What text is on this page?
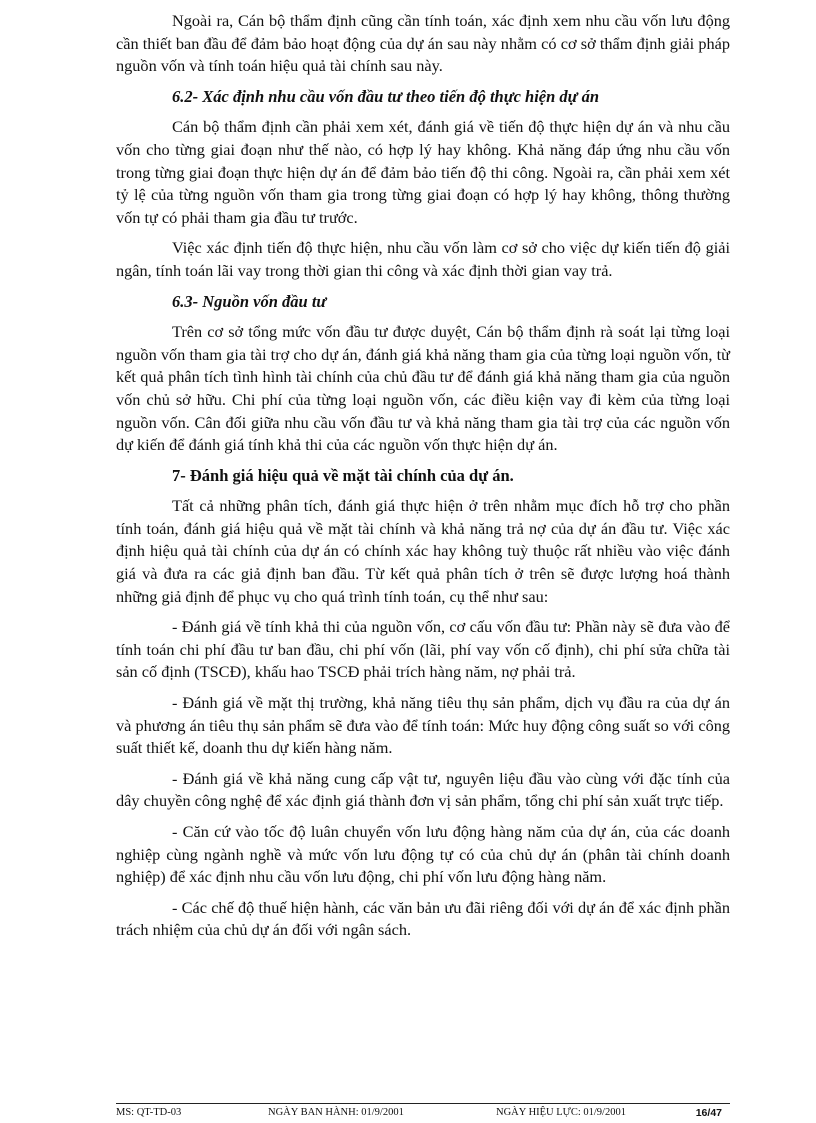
Ngoài ra, Cán bộ thẩm định cũng cần tính toán, xác định xem nhu cầu vốn lưu động cần thiết ban đầu để đảm bảo hoạt động của dự án sau này nhằm có cơ sở thẩm định giải pháp nguồn vốn và tính toán hiệu quả tài chính sau này.

6.2- Xác định nhu cầu vốn đầu tư theo tiến độ thực hiện dự án

Cán bộ thẩm định cần phải xem xét, đánh giá về tiến độ thực hiện dự án và nhu cầu vốn cho từng giai đoạn như thế nào, có hợp lý hay không. Khả năng đáp ứng nhu cầu vốn trong từng giai đoạn thực hiện dự án để đảm bảo tiến độ thi công. Ngoài ra, cần phải xem xét tỷ lệ của từng nguồn vốn tham gia trong từng giai đoạn có hợp lý hay không, thông thường vốn tự có phải tham gia đầu tư trước.

Việc xác định tiến độ thực hiện, nhu cầu vốn làm cơ sở cho việc dự kiến tiến độ giải ngân, tính toán lãi vay trong thời gian thi công và xác định thời gian vay trả.

6.3- Nguồn vốn đầu tư

Trên cơ sở tổng mức vốn đầu tư được duyệt, Cán bộ thẩm định rà soát lại từng loại nguồn vốn tham gia tài trợ cho dự án, đánh giá khả năng tham gia của từng loại nguồn vốn, từ kết quả phân tích tình hình tài chính của chủ đầu tư để đánh giá khả năng tham gia của nguồn vốn chủ sở hữu. Chi phí của từng loại nguồn vốn, các điều kiện vay đi kèm của từng loại nguồn vốn. Cân đối giữa nhu cầu vốn đầu tư và khả năng tham gia tài trợ của các nguồn vốn dự kiến để đánh giá tính khả thi của các nguồn vốn thực hiện dự án.

7- Đánh giá hiệu quả về mặt tài chính của dự án.

Tất cả những phân tích, đánh giá thực hiện ở trên nhằm mục đích hỗ trợ cho phần tính toán, đánh giá hiệu quả về mặt tài chính và khả năng trả nợ của dự án đầu tư. Việc xác định hiệu quả tài chính của dự án có chính xác hay không tuỳ thuộc rất nhiều vào việc đánh giá và đưa ra các giả định ban đầu. Từ kết quả phân tích ở trên sẽ được lượng hoá thành những giả định để phục vụ cho quá trình tính toán, cụ thể như sau:

- Đánh giá về tính khả thi của nguồn vốn, cơ cấu vốn đầu tư: Phần này sẽ đưa vào để tính toán chi phí đầu tư ban đầu, chi phí vốn (lãi, phí vay vốn cố định), chi phí sửa chữa tài sản cố định (TSCĐ), khấu hao TSCĐ phải trích hàng năm, nợ phải trả.

- Đánh giá về mặt thị trường, khả năng tiêu thụ sản phẩm, dịch vụ đầu ra của dự án và phương án tiêu thụ sản phẩm sẽ đưa vào để tính toán: Mức huy động công suất so với công suất thiết kế, doanh thu dự kiến hàng năm.

- Đánh giá về khả năng cung cấp vật tư, nguyên liệu đầu vào cùng với đặc tính của dây chuyền công nghệ để xác định giá thành đơn vị sản phẩm, tổng chi phí sản xuất trực tiếp.

- Căn cứ vào tốc độ luân chuyển vốn lưu động hàng năm của dự án, của các doanh nghiệp cùng ngành nghề và mức vốn lưu động tự có của chủ dự án (phân tài chính doanh nghiệp) để xác định nhu cầu vốn lưu động, chi phí vốn lưu động hàng năm.

- Các chế độ thuế hiện hành, các văn bản ưu đãi riêng đối với dự án để xác định phần trách nhiệm của chủ dự án đối với ngân sách.

MS: QT-TD-03	NGÀY BAN HÀNH: 01/9/2001	NGÀY HIỆU LỰC: 01/9/2001	16/47
